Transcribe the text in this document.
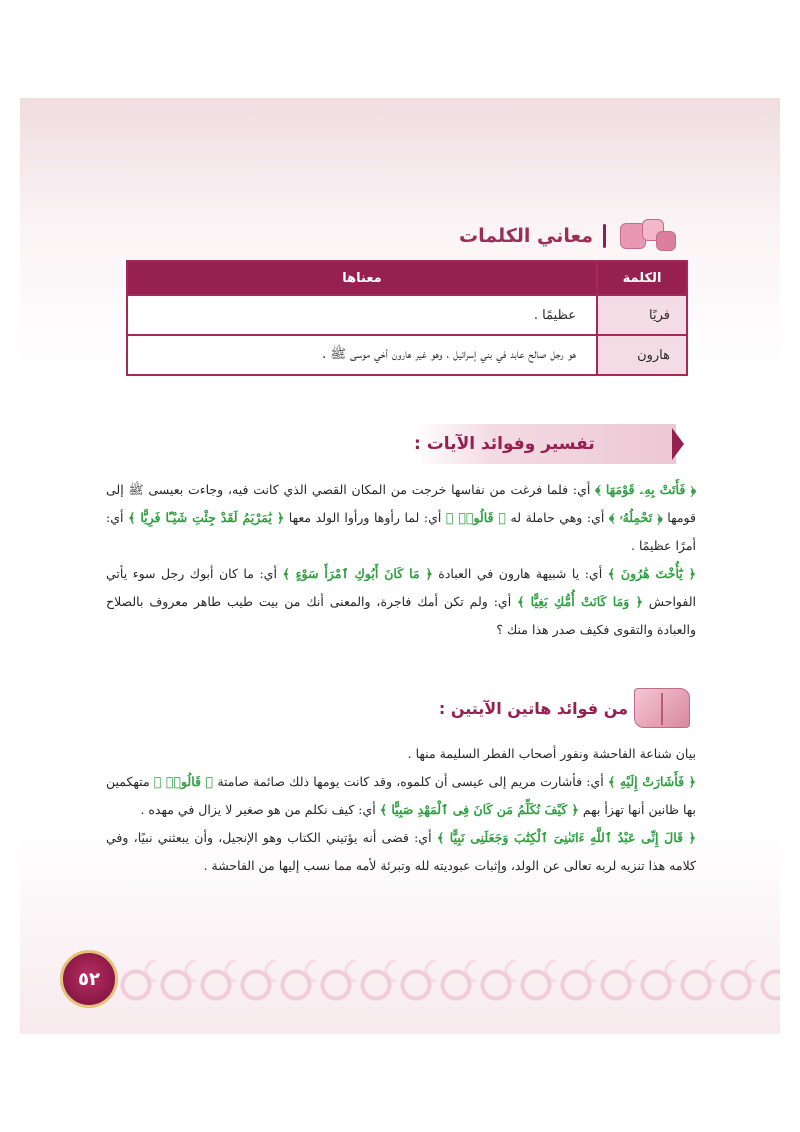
معاني الكلمات
الكلمة	معناها
فريًا	عظيمًا .
هارون	هو رجل صالح عابد في بني إسرائيل ، وهو غير هارون أخي موسى ﷺ .
تفسير وفوائد الآيات :

﴿ فَأَتَتْ بِهِۦ قَوْمَهَا ﴾ أي: فلما فرغت من نفاسها خرجت من المكان القصي الذي كانت فيه، وجاءت بعيسى ﷺ إلى قومها ﴿ تَحْمِلُهُۥ ﴾ أي: وهي حاملة له ﴿ قَالُوا۟ ﴾ أي: لما رأوها ورأوا الولد معها ﴿ يَٰمَرْيَمُ لَقَدْ جِئْتِ شَيْـًٔا فَرِيًّا ﴾ أي: أمرًا عظيمًا .

﴿ يَٰٓأُخْتَ هَٰرُونَ ﴾ أي: يا شبيهة هارون في العبادة ﴿ مَا كَانَ أَبُوكِ ٱمْرَأَ سَوْءٍ ﴾ أي: ما كان أبوك رجل سوء يأتي الفواحش ﴿ وَمَا كَانَتْ أُمُّكِ بَغِيًّا ﴾ أي: ولم تكن أمك فاجرة، والمعنى أنك من بيت طيب طاهر معروف بالصلاح والعبادة والتقوى فكيف صدر هذا منك ؟

من فوائد هاتين الآيتين :

بيان شناعة الفاحشة ونفور أصحاب الفطر السليمة منها .

﴿ فَأَشَارَتْ إِلَيْهِ ﴾ أي: فأشارت مريم إلى عيسى أن كلموه، وقد كانت يومها ذلك صائمة صامتة ﴿ قَالُوا۟ ﴾ متهكمين بها ظانين أنها تهزأ بهم ﴿ كَيْفَ نُكَلِّمُ مَن كَانَ فِى ٱلْمَهْدِ صَبِيًّا ﴾ أي: كيف نكلم من هو صغير لا يزال في مهده .

﴿ قَالَ إِنِّى عَبْدُ ٱللَّهِ ءَاتَىٰنِىَ ٱلْكِتَٰبَ وَجَعَلَنِى نَبِيًّا ﴾ أي: قضى أنه يؤتيني الكتاب وهو الإنجيل، وأن يبعثني نبيًا، وفي كلامه هذا تنزيه لربه تعالى عن الولد، وإثبات عبوديته لله وتبرئة لأمه مما نسب إليها من الفاحشة .

٥٢
